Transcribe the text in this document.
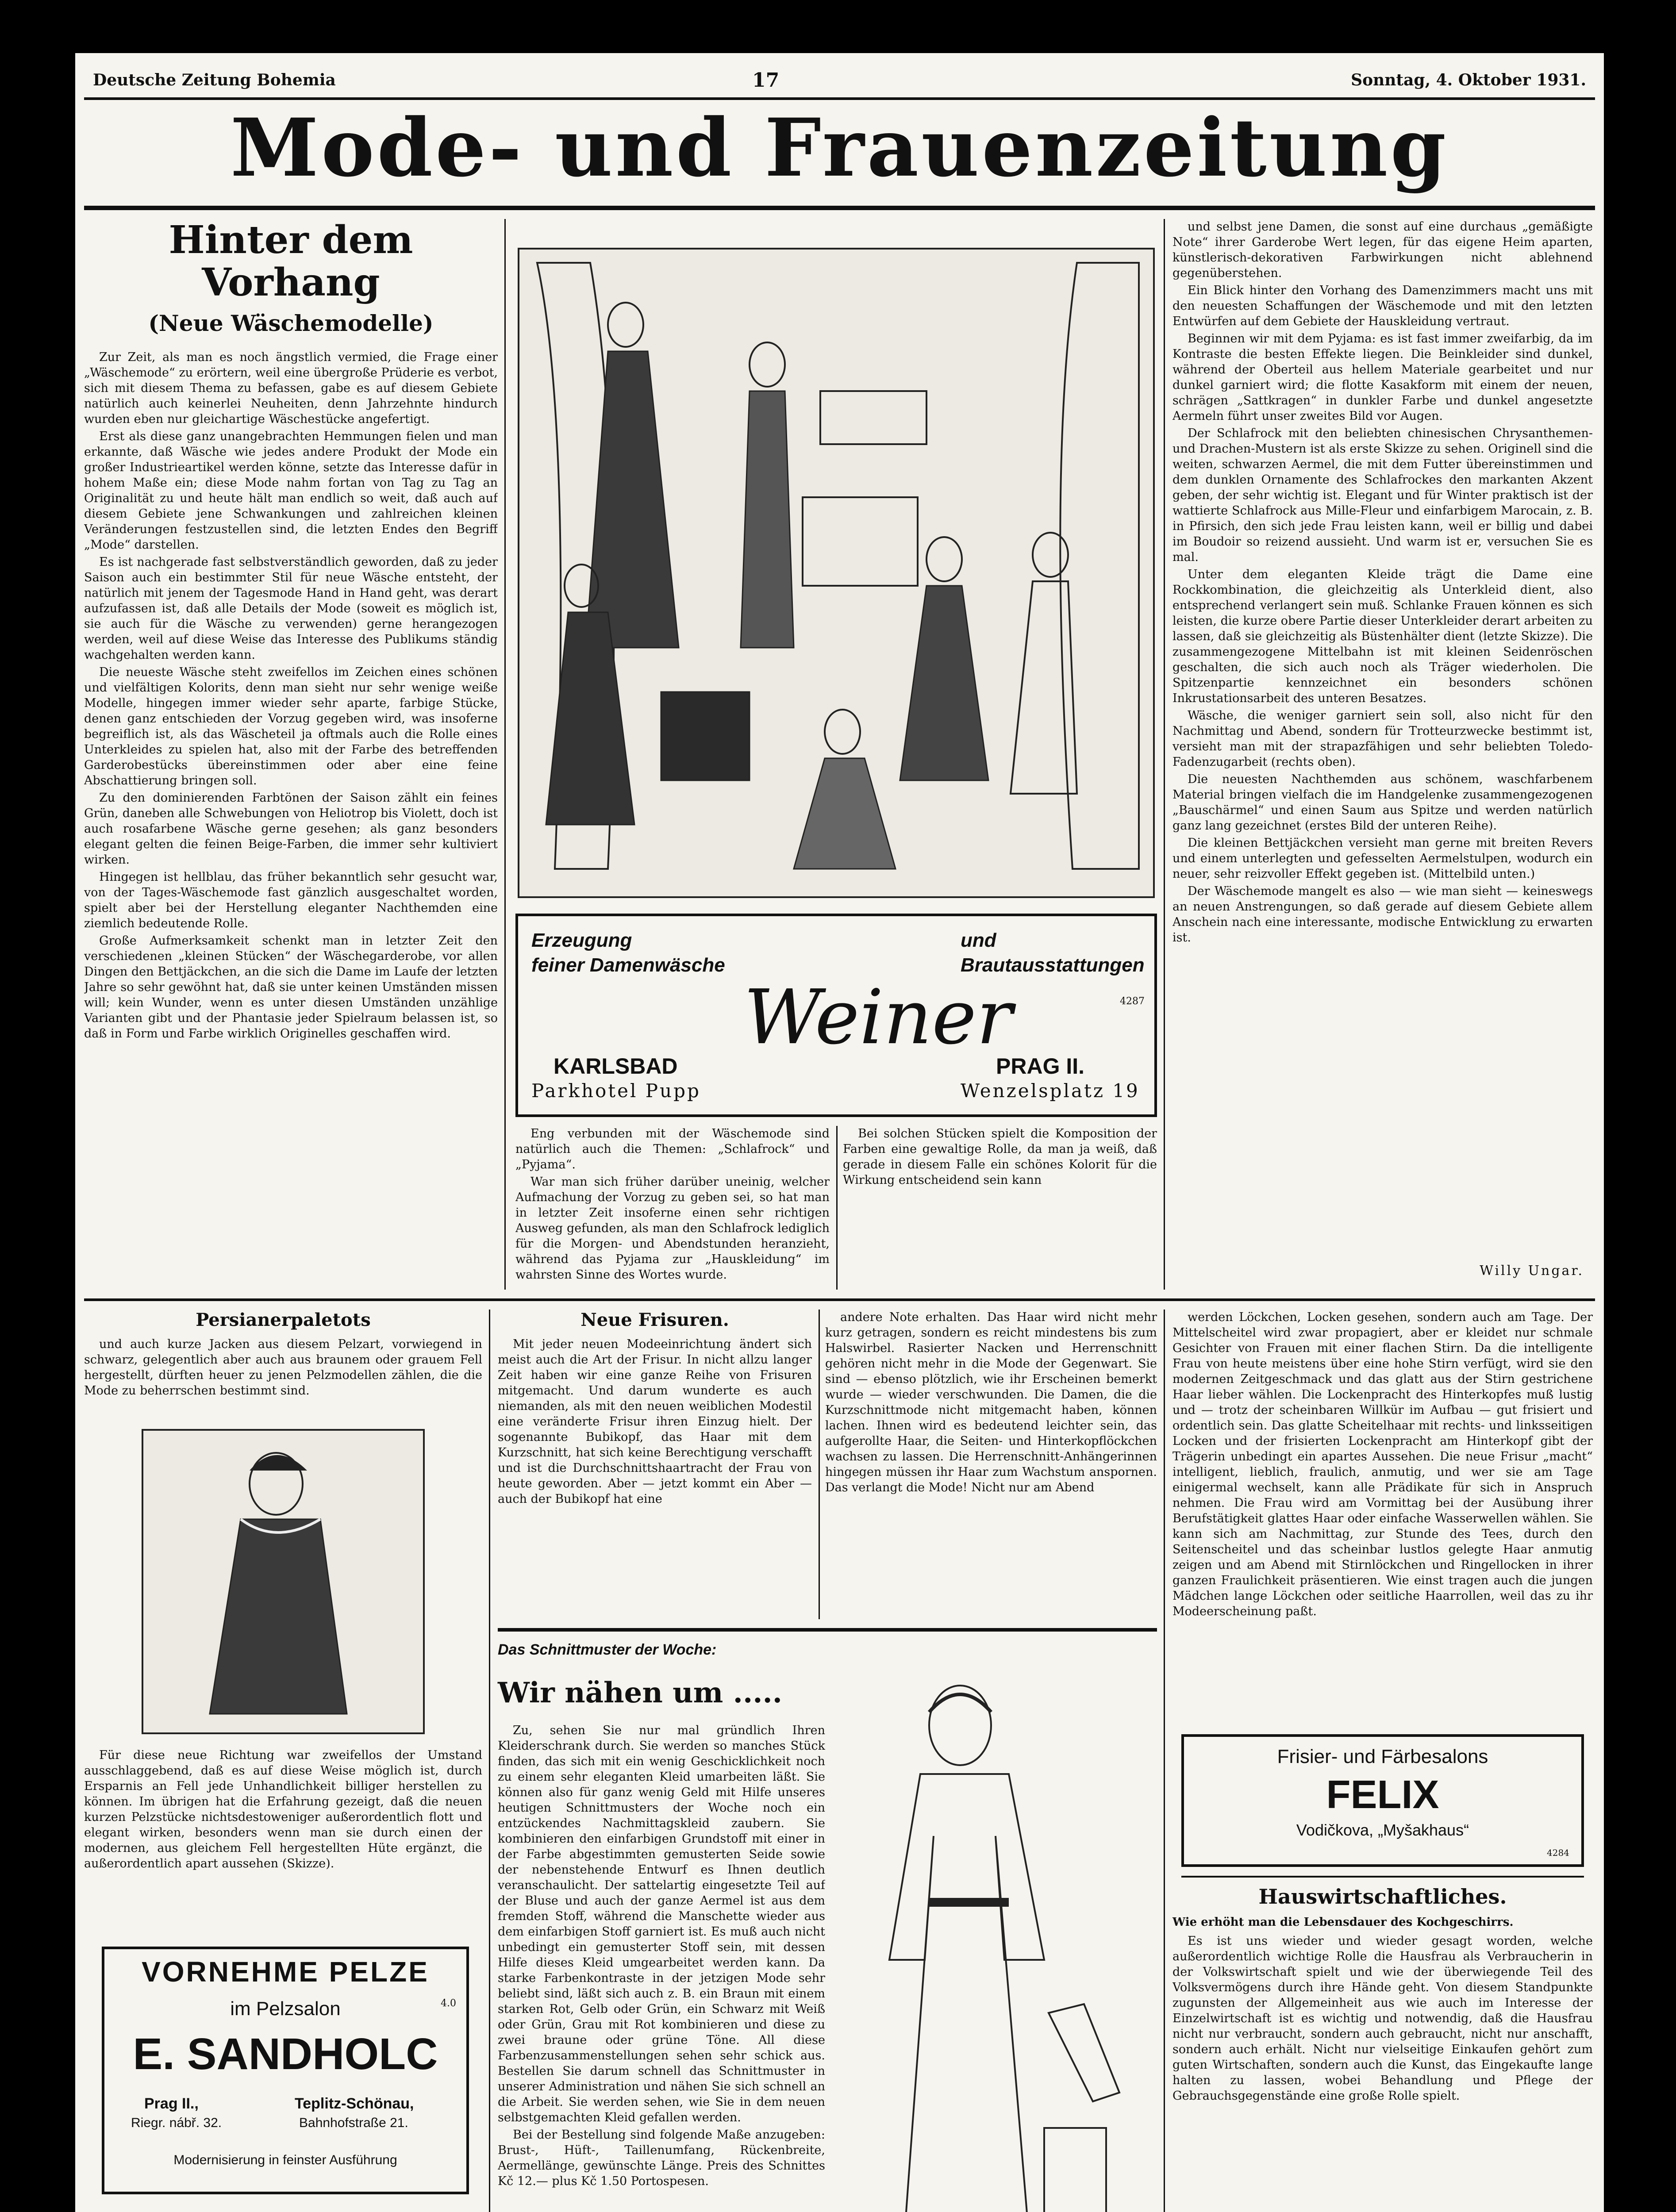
Deutsche Zeitung Bohemia	17	Sonntag, 4. Oktober 1931.
Mode- und Frauenzeitung
Hinter dem Vorhang
(Neue Wäschemodelle)

Zur Zeit, als man es noch ängstlich vermied, die Frage einer „Wäschemode“ zu erörtern, weil eine übergroße Prüderie es verbot, sich mit diesem Thema zu befassen, gabe es auf diesem Gebiete natürlich auch keinerlei Neuheiten, denn Jahrzehnte hindurch wurden eben nur gleichartige Wäschestücke angefertigt.

Erst als diese ganz unangebrachten Hemmungen fielen und man erkannte, daß Wäsche wie jedes andere Produkt der Mode ein großer Industrieartikel werden könne, setzte das Interesse dafür in hohem Maße ein; diese Mode nahm fortan von Tag zu Tag an Originalität zu und heute hält man endlich so weit, daß auch auf diesem Gebiete jene Schwankungen und zahlreichen kleinen Veränderungen festzustellen sind, die letzten Endes den Begriff „Mode“ darstellen.

Es ist nachgerade fast selbstverständlich geworden, daß zu jeder Saison auch ein bestimmter Stil für neue Wäsche entsteht, der natürlich mit jenem der Tagesmode Hand in Hand geht, was derart aufzufassen ist, daß alle Details der Mode (soweit es möglich ist, sie auch für die Wäsche zu verwenden) gerne herangezogen werden, weil auf diese Weise das Interesse des Publikums ständig wachgehalten werden kann.

Die neueste Wäsche steht zweifellos im Zeichen eines schönen und vielfältigen Kolorits, denn man sieht nur sehr wenige weiße Modelle, hingegen immer wieder sehr aparte, farbige Stücke, denen ganz entschieden der Vorzug gegeben wird, was insoferne begreiflich ist, als das Wäscheteil ja oftmals auch die Rolle eines Unterkleides zu spielen hat, also mit der Farbe des betreffenden Garderobestücks übereinstimmen oder aber eine feine Abschattierung bringen soll.

Zu den dominierenden Farbtönen der Saison zählt ein feines Grün, daneben alle Schwebungen von Heliotrop bis Violett, doch ist auch rosafarbene Wäsche gerne gesehen; als ganz besonders elegant gelten die feinen Beige-Farben, die immer sehr kultiviert wirken.

Hingegen ist hellblau, das früher bekanntlich sehr gesucht war, von der Tages-Wäschemode fast gänzlich ausgeschaltet worden, spielt aber bei der Herstellung eleganter Nachthemden eine ziemlich bedeutende Rolle.

Große Aufmerksamkeit schenkt man in letzter Zeit den verschiedenen „kleinen Stücken“ der Wäschegarderobe, vor allen Dingen den Bettjäckchen, an die sich die Dame im Laufe der letzten Jahre so sehr gewöhnt hat, daß sie unter keinen Umständen missen will; kein Wunder, wenn es unter diesen Umständen unzählige Varianten gibt und der Phantasie jeder Spielraum belassen ist, so daß in Form und Farbe wirklich Originelles geschaffen wird.

Erzeugung
feiner Damenwäsche
und
Brautausstattungen
Weiner	4287
KARLSBAD
Parkhotel Pupp
PRAG II.
Wenzelsplatz 19

Eng verbunden mit der Wäschemode sind natürlich auch die Themen: „Schlafrock“ und „Pyjama“.

War man sich früher darüber uneinig, welcher Aufmachung der Vorzug zu geben sei, so hat man in letzter Zeit insoferne einen sehr richtigen Ausweg gefunden, als man den Schlafrock lediglich für die Morgen- und Abendstunden heranzieht, während das Pyjama zur „Hauskleidung“ im wahrsten Sinne des Wortes wurde.

Bei solchen Stücken spielt die Komposition der Farben eine gewaltige Rolle, da man ja weiß, daß gerade in diesem Falle ein schönes Kolorit für die Wirkung entscheidend sein kann

und selbst jene Damen, die sonst auf eine durchaus „gemäßigte Note“ ihrer Garderobe Wert legen, für das eigene Heim aparten, künstlerisch-dekorativen Farbwirkungen nicht ablehnend gegenüberstehen.

Ein Blick hinter den Vorhang des Damenzimmers macht uns mit den neuesten Schaffungen der Wäschemode und mit den letzten Entwürfen auf dem Gebiete der Hauskleidung vertraut.

Beginnen wir mit dem Pyjama: es ist fast immer zweifarbig, da im Kontraste die besten Effekte liegen. Die Beinkleider sind dunkel, während der Oberteil aus hellem Materiale gearbeitet und nur dunkel garniert wird; die flotte Kasakform mit einem der neuen, schrägen „Sattkragen“ in dunkler Farbe und dunkel angesetzte Aermeln führt unser zweites Bild vor Augen.

Der Schlafrock mit den beliebten chinesischen Chrysanthemen- und Drachen-Mustern ist als erste Skizze zu sehen. Originell sind die weiten, schwarzen Aermel, die mit dem Futter übereinstimmen und dem dunklen Ornamente des Schlafrockes den markanten Akzent geben, der sehr wichtig ist. Elegant und für Winter praktisch ist der wattierte Schlafrock aus Mille-Fleur und einfarbigem Marocain, z. B. in Pfirsich, den sich jede Frau leisten kann, weil er billig und dabei im Boudoir so reizend aussieht. Und warm ist er, versuchen Sie es mal.

Unter dem eleganten Kleide trägt die Dame eine Rockkombination, die gleichzeitig als Unterkleid dient, also entsprechend verlangert sein muß. Schlanke Frauen können es sich leisten, die kurze obere Partie dieser Unterkleider derart arbeiten zu lassen, daß sie gleichzeitig als Büstenhälter dient (letzte Skizze). Die zusammengezogene Mittelbahn ist mit kleinen Seidenröschen geschalten, die sich auch noch als Träger wiederholen. Die Spitzenpartie kennzeichnet ein besonders schönen Inkrustationsarbeit des unteren Besatzes.

Wäsche, die weniger garniert sein soll, also nicht für den Nachmittag und Abend, sondern für Trotteurzwecke bestimmt ist, versieht man mit der strapazfähigen und sehr beliebten Toledo-Fadenzugarbeit (rechts oben).

Die neuesten Nachthemden aus schönem, waschfarbenem Material bringen vielfach die im Handgelenke zusammengezogenen „Bauschärmel“ und einen Saum aus Spitze und werden natürlich ganz lang gezeichnet (erstes Bild der unteren Reihe).

Die kleinen Bettjäckchen versieht man gerne mit breiten Revers und einem unterlegten und gefesselten Aermelstulpen, wodurch ein neuer, sehr reizvoller Effekt gegeben ist. (Mittelbild unten.)

Der Wäschemode mangelt es also — wie man sieht — keineswegs an neuen Anstrengungen, so daß gerade auf diesem Gebiete allem Anschein nach eine interessante, modische Entwicklung zu erwarten ist.

Willy Ungar.
Persianerpaletots

und auch kurze Jacken aus diesem Pelzart, vorwiegend in schwarz, gelegentlich aber auch aus braunem oder grauem Fell hergestellt, dürften heuer zu jenen Pelzmodellen zählen, die die Mode zu beherrschen bestimmt sind.

Für diese neue Richtung war zweifellos der Umstand ausschlaggebend, daß es auf diese Weise möglich ist, durch Ersparnis an Fell jede Unhandlichkeit billiger herstellen zu können. Im übrigen hat die Erfahrung gezeigt, daß die neuen kurzen Pelzstücke nichtsdestoweniger außerordentlich flott und elegant wirken, besonders wenn man sie durch einen der modernen, aus gleichem Fell hergestellten Hüte ergänzt, die außerordentlich apart aussehen (Skizze).

VORNEHME PELZE
im Pelzsalon
E. SANDHOLC
4.0
Prag II.,
Riegr. nábř. 32.
Teplitz-Schönau,
Bahnhofstraße 21.
Modernisierung in feinster Ausführung
Neue Frisuren.

Mit jeder neuen Modeeinrichtung ändert sich meist auch die Art der Frisur. In nicht allzu langer Zeit haben wir eine ganze Reihe von Frisuren mitgemacht. Und darum wunderte es auch niemanden, als mit den neuen weiblichen Modestil eine veränderte Frisur ihren Einzug hielt. Der sogenannte Bubikopf, das Haar mit dem Kurzschnitt, hat sich keine Berechtigung verschafft und ist die Durchschnittshaartracht der Frau von heute geworden. Aber — jetzt kommt ein Aber — auch der Bubikopf hat eine

andere Note erhalten. Das Haar wird nicht mehr kurz getragen, sondern es reicht mindestens bis zum Halswirbel. Rasierter Nacken und Herrenschnitt gehören nicht mehr in die Mode der Gegenwart. Sie sind — ebenso plötzlich, wie ihr Erscheinen bemerkt wurde — wieder verschwunden. Die Damen, die die Kurzschnittmode nicht mitgemacht haben, können lachen. Ihnen wird es bedeutend leichter sein, das aufgerollte Haar, die Seiten- und Hinterkopflöckchen wachsen zu lassen. Die Herrenschnitt-Anhängerinnen hingegen müssen ihr Haar zum Wachstum anspornen. Das verlangt die Mode! Nicht nur am Abend

Das Schnittmuster der Woche:
Wir nähen um .....

Zu, sehen Sie nur mal gründlich Ihren Kleiderschrank durch. Sie werden so manches Stück finden, das sich mit ein wenig Geschicklichkeit noch zu einem sehr eleganten Kleid umarbeiten läßt. Sie können also für ganz wenig Geld mit Hilfe unseres heutigen Schnittmusters der Woche noch ein entzückendes Nachmittagskleid zaubern. Sie kombinieren den einfarbigen Grundstoff mit einer in der Farbe abgestimmten gemusterten Seide sowie der nebenstehende Entwurf es Ihnen deutlich veranschaulicht. Der sattelartig eingesetzte Teil auf der Bluse und auch der ganze Aermel ist aus dem fremden Stoff, während die Manschette wieder aus dem einfarbigen Stoff garniert ist. Es muß auch nicht unbedingt ein gemusterter Stoff sein, mit dessen Hilfe dieses Kleid umgearbeitet werden kann. Da starke Farbenkontraste in der jetzigen Mode sehr beliebt sind, läßt sich auch z. B. ein Braun mit einem starken Rot, Gelb oder Grün, ein Schwarz mit Weiß oder Grün, Grau mit Rot kombinieren und diese zu zwei braune oder grüne Töne. All diese Farbenzusammenstellungen sehen sehr schick aus. Bestellen Sie darum schnell das Schnittmuster in unserer Administration und nähen Sie sich schnell an die Arbeit. Sie werden sehen, wie Sie in dem neuen selbstgemachten Kleid gefallen werden.

Bei der Bestellung sind folgende Maße anzugeben: Brust-, Hüft-, Taillenumfang, Rückenbreite, Aermellänge, gewünschte Länge. Preis des Schnittes Kč 12.— plus Kč 1.50 Portospesen.

werden Löckchen, Locken gesehen, sondern auch am Tage. Der Mittelscheitel wird zwar propagiert, aber er kleidet nur schmale Gesichter von Frauen mit einer flachen Stirn. Da die intelligente Frau von heute meistens über eine hohe Stirn verfügt, wird sie den modernen Zeitgeschmack und das glatt aus der Stirn gestrichene Haar lieber wählen. Die Lockenpracht des Hinterkopfes muß lustig und — trotz der scheinbaren Willkür im Aufbau — gut frisiert und ordentlich sein. Das glatte Scheitelhaar mit rechts- und linksseitigen Locken und der frisierten Lockenpracht am Hinterkopf gibt der Trägerin unbedingt ein apartes Aussehen. Die neue Frisur „macht“ intelligent, lieblich, fraulich, anmutig, und wer sie am Tage einigermal wechselt, kann alle Prädikate für sich in Anspruch nehmen. Die Frau wird am Vormittag bei der Ausübung ihrer Berufstätigkeit glattes Haar oder einfache Wasserwellen wählen. Sie kann sich am Nachmittag, zur Stunde des Tees, durch den Seitenscheitel und das scheinbar lustlos gelegte Haar anmutig zeigen und am Abend mit Stirnlöckchen und Ringellocken in ihrer ganzen Fraulichkeit präsentieren. Wie einst tragen auch die jungen Mädchen lange Löckchen oder seitliche Haarrollen, weil das zu ihr Modeerscheinung paßt.

Frisier- und Färbesalons
FELIX
Vodičkova, „Myšakhaus“
4284
Hauswirtschaftliches.
Wie erhöht man die Lebensdauer des Kochgeschirrs.

Es ist uns wieder und wieder gesagt worden, welche außerordentlich wichtige Rolle die Hausfrau als Verbraucherin in der Volkswirtschaft spielt und wie der überwiegende Teil des Volksvermögens durch ihre Hände geht. Von diesem Standpunkte zugunsten der Allgemeinheit aus wie auch im Interesse der Einzelwirtschaft ist es wichtig und notwendig, daß die Hausfrau nicht nur verbraucht, sondern auch gebraucht, nicht nur anschafft, sondern auch erhält. Nicht nur vielseitige Einkaufen gehört zum guten Wirtschaften, sondern auch die Kunst, das Eingekaufte lange halten zu lassen, wobei Behandlung und Pflege der Gebrauchsgegenstände eine große Rolle spielt.
